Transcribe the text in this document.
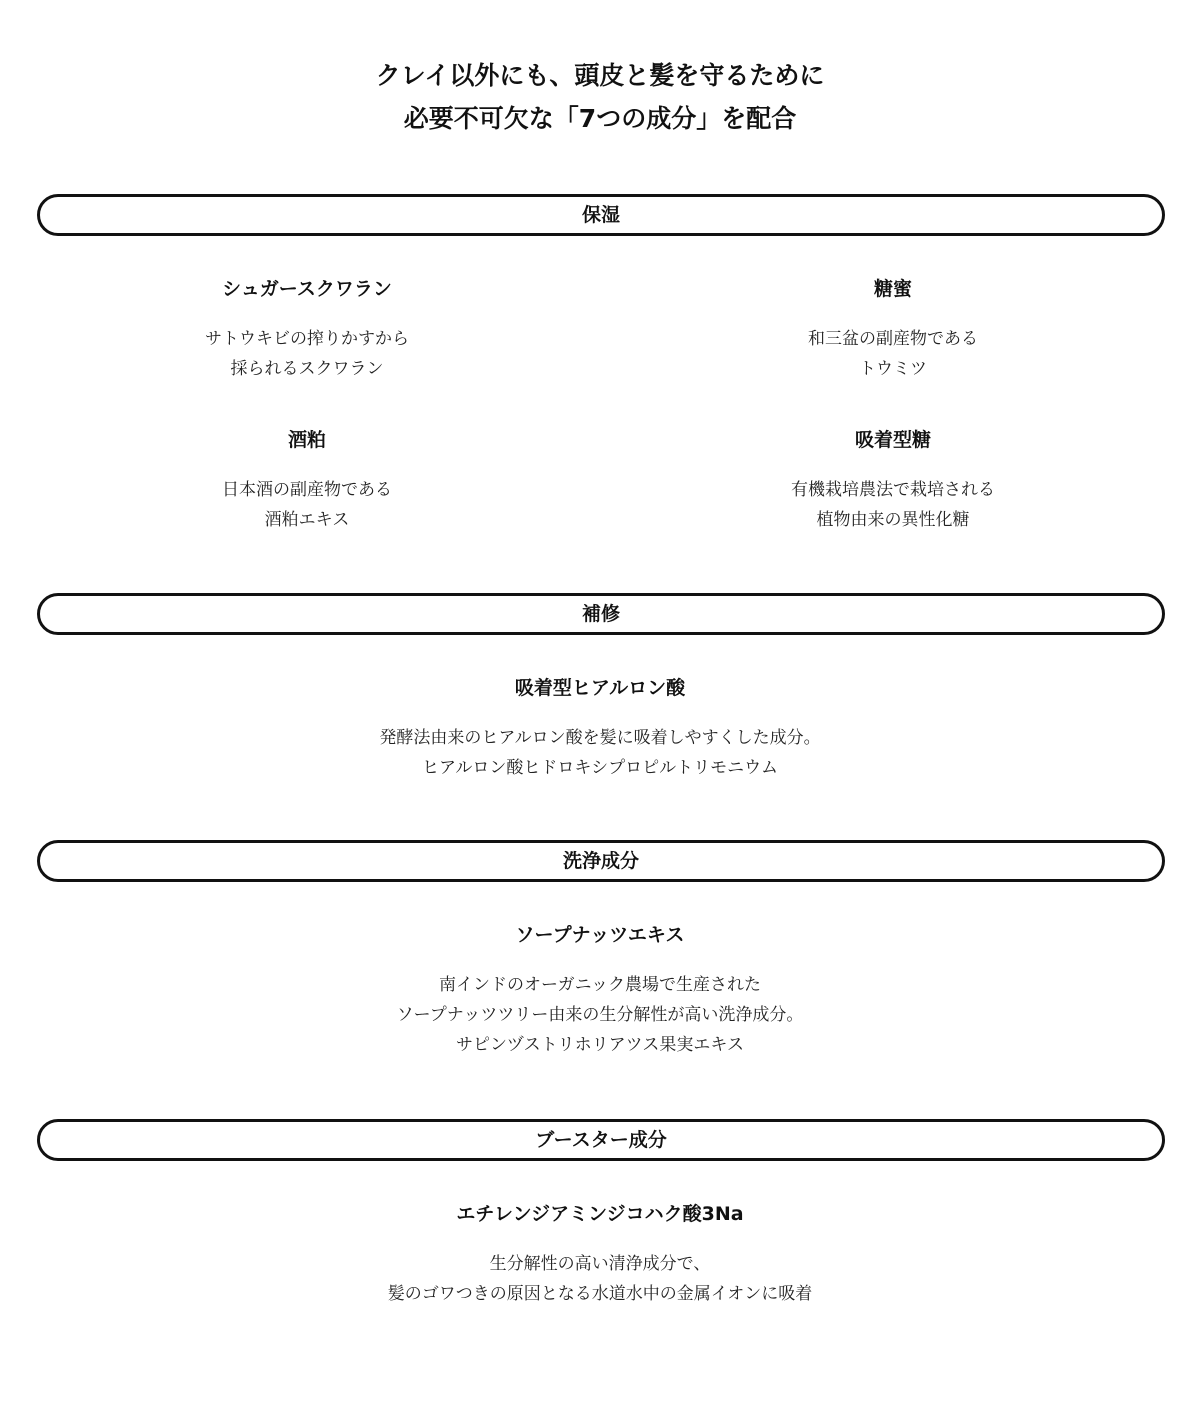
クレイ以外にも、頭皮と髪を守るために
必要不可欠な「7つの成分」を配合
保湿
シュガースクワラン
サトウキビの搾りかすから
採られるスクワラン
糖蜜
和三盆の副産物である
トウミツ
酒粕
日本酒の副産物である
酒粕エキス
吸着型糖
有機栽培農法で栽培される
植物由来の異性化糖
補修
吸着型ヒアルロン酸
発酵法由来のヒアルロン酸を髪に吸着しやすくした成分。
ヒアルロン酸ヒドロキシプロピルトリモニウム
洗浄成分
ソープナッツエキス
南インドのオーガニック農場で生産された
ソープナッツツリー由来の生分解性が高い洗浄成分。
サピンヅストリホリアツス果実エキス
ブースター成分
エチレンジアミンジコハク酸3Na
生分解性の高い清浄成分で、
髪のゴワつきの原因となる水道水中の金属イオンに吸着
